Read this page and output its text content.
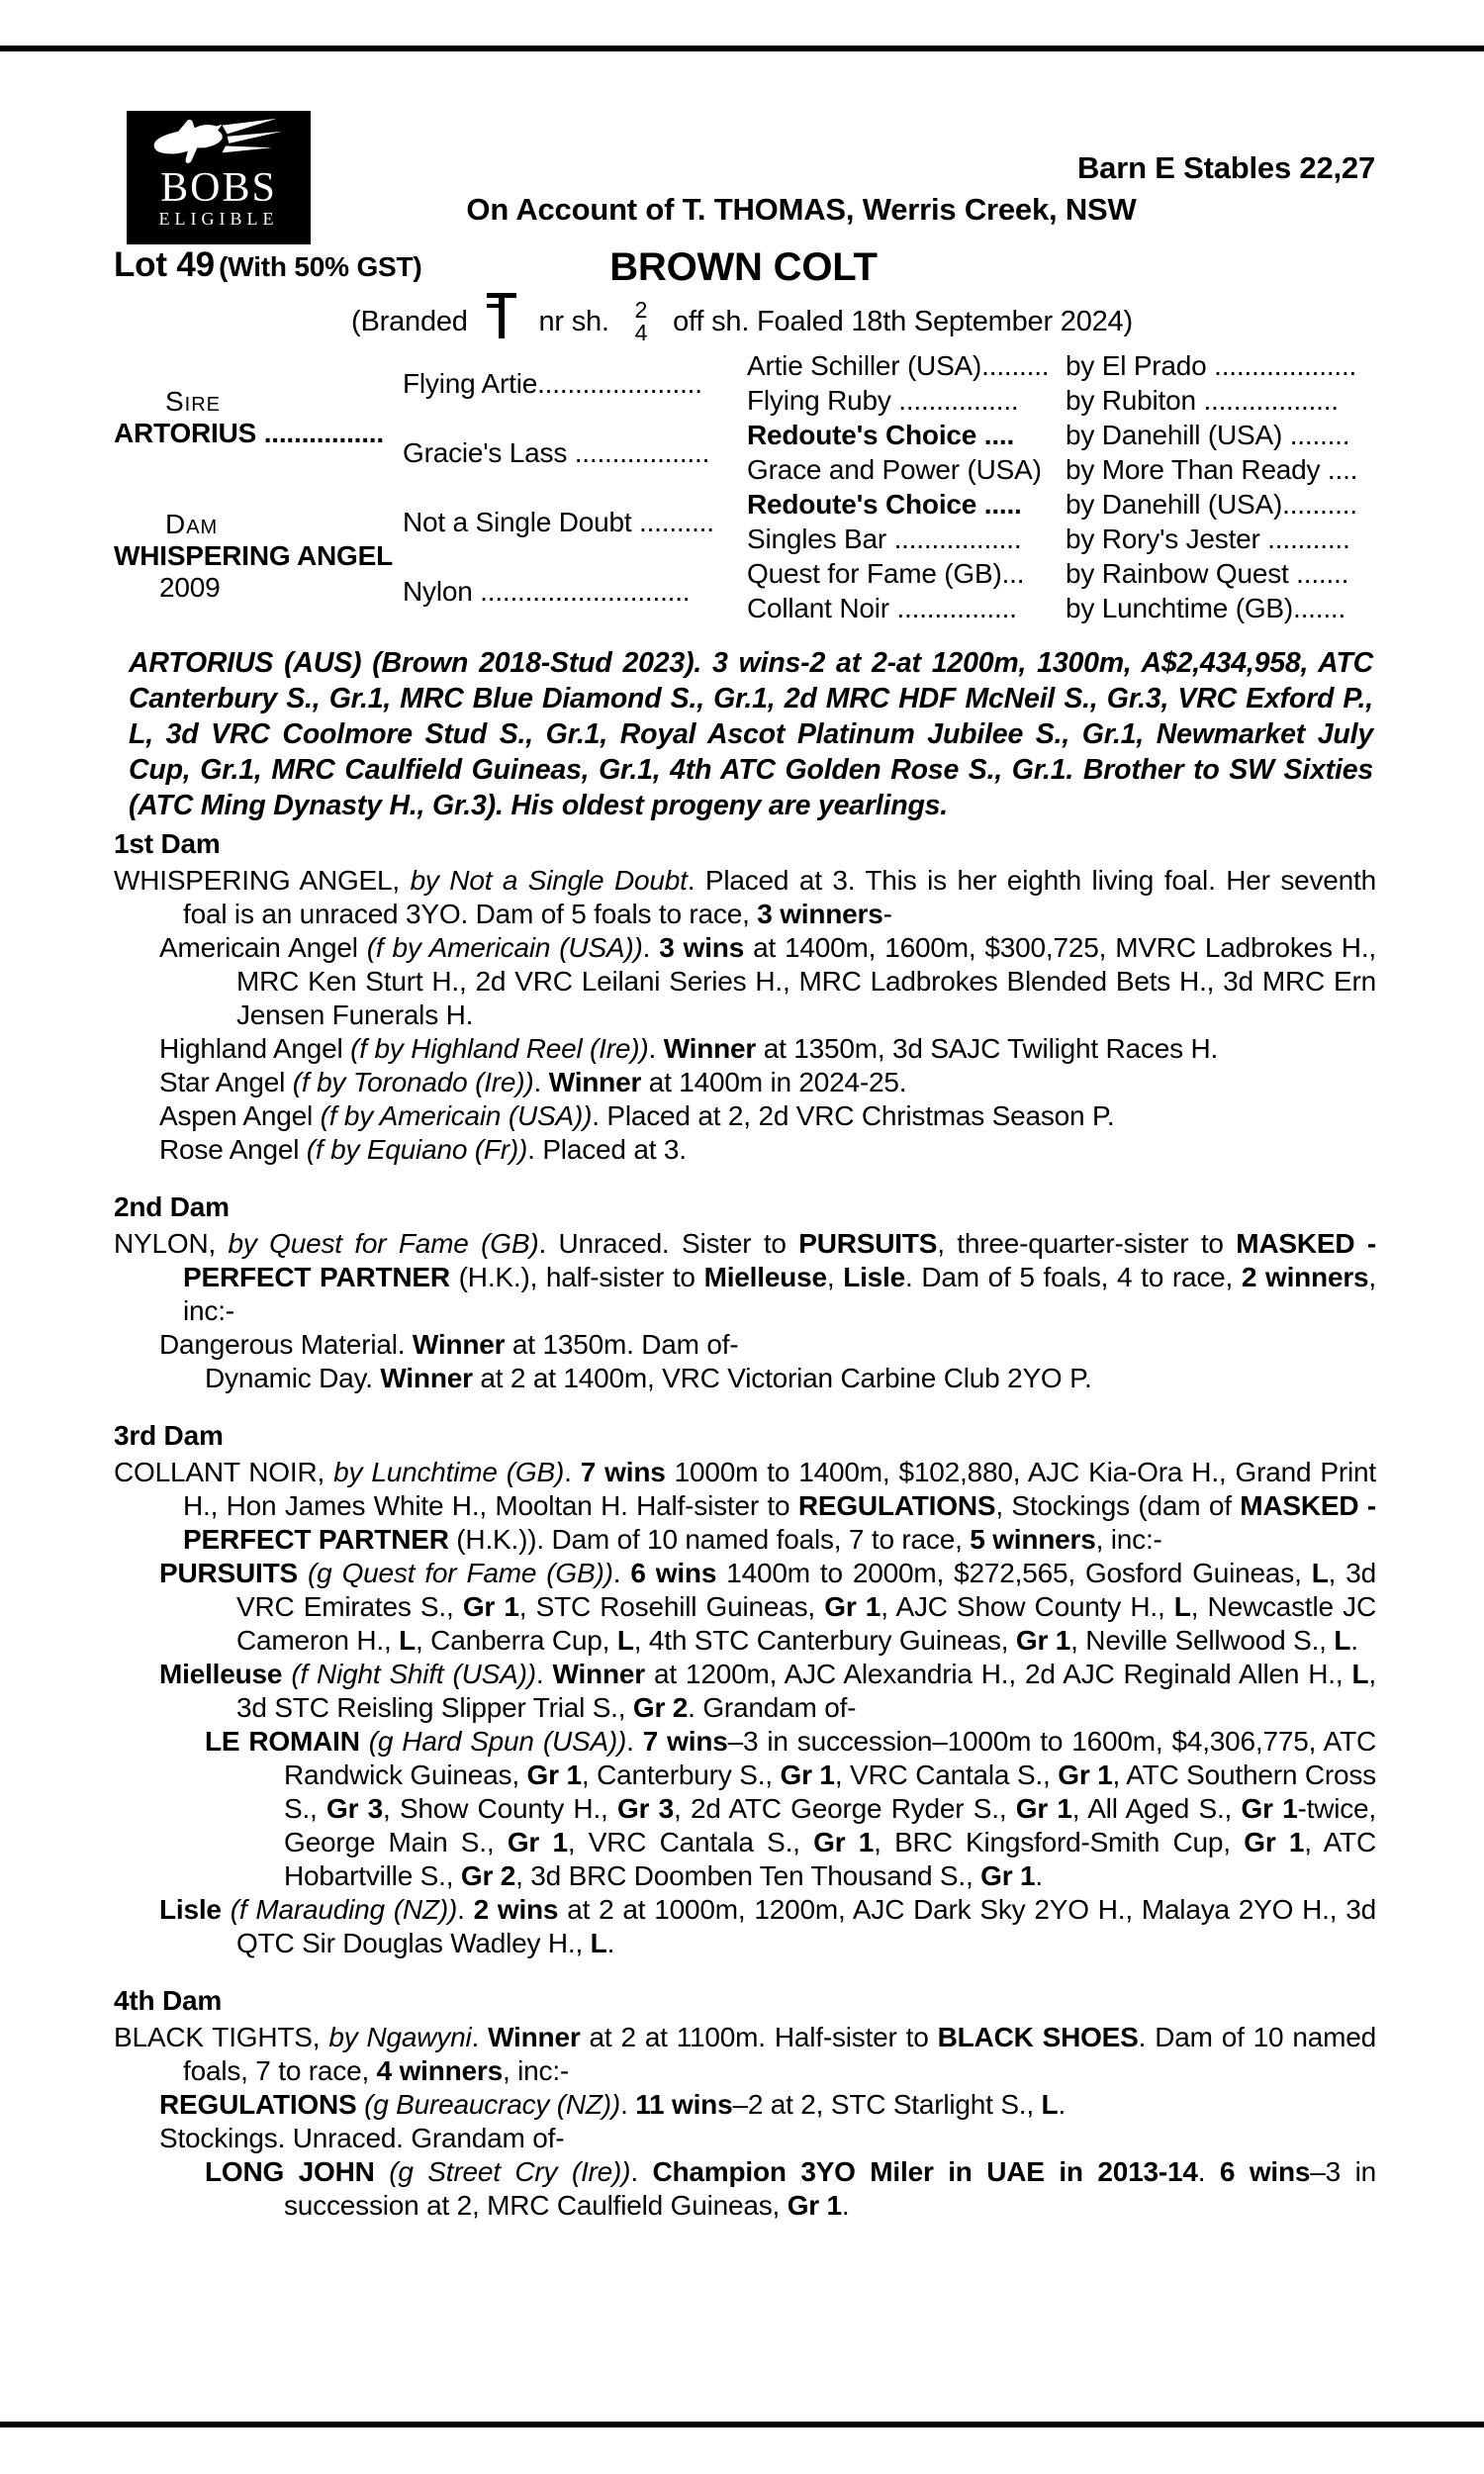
BOBS
ELIGIBLE
Barn E Stables 22,27
On Account of T. THOMAS, Werris Creek, NSW
Lot 49 (With 50% GST)	BROWN COLT
(Branded nr sh. 2
4 off sh. Foaled 18th September 2024)
Sire
ARTORIUS ................
Dam
WHISPERING ANGEL
2009
Flying Artie......................
Gracie's Lass ..................
Not a Single Doubt ..........
Nylon ............................
Artie Schiller (USA)......... by El Prado ...................
Flying Ruby ................	by Rubiton ..................
Redoute's Choice ....	by Danehill (USA) ........
Grace and Power (USA) by More Than Ready ....
Redoute's Choice .....	by Danehill (USA)..........
Singles Bar .................	by Rory's Jester ...........
Quest for Fame (GB)...	by Rainbow Quest .......
Collant Noir ................	by Lunchtime (GB).......
ARTORIUS (AUS) (Brown 2018-Stud 2023). 3 wins-2 at 2-at 1200m, 1300m, A$2,434,958, ATC Canterbury S., Gr.1, MRC Blue Diamond S., Gr.1, 2d MRC HDF McNeil S., Gr.3, VRC Exford P., L, 3d VRC Coolmore Stud S., Gr.1, Royal Ascot Platinum Jubilee S., Gr.1, Newmarket July Cup, Gr.1, MRC Caulfield Guineas, Gr.1, 4th ATC Golden Rose S., Gr.1. Brother to SW Sixties (ATC Ming Dynasty H., Gr.3). His oldest progeny are yearlings.
1st Dam
WHISPERING ANGEL, by Not a Single Doubt. Placed at 3. This is her eighth living foal. Her seventh foal is an unraced 3YO. Dam of 5 foals to race, 3 winners-
Americain Angel (f by Americain (USA)). 3 wins at 1400m, 1600m, $300,725, MVRC Ladbrokes H., MRC Ken Sturt H., 2d VRC Leilani Series H., MRC Ladbrokes Blended Bets H., 3d MRC Ern Jensen Funerals H.
Highland Angel (f by Highland Reel (Ire)). Winner at 1350m, 3d SAJC Twilight Races H.
Star Angel (f by Toronado (Ire)). Winner at 1400m in 2024-25.
Aspen Angel (f by Americain (USA)). Placed at 2, 2d VRC Christmas Season P.
Rose Angel (f by Equiano (Fr)). Placed at 3.
2nd Dam
NYLON, by Quest for Fame (GB). Unraced. Sister to PURSUITS, three-quarter-sister to MASKED - PERFECT PARTNER (H.K.), half-sister to Mielleuse, Lisle. Dam of 5 foals, 4 to race, 2 winners, inc:-
Dangerous Material. Winner at 1350m. Dam of-
Dynamic Day. Winner at 2 at 1400m, VRC Victorian Carbine Club 2YO P.
3rd Dam
COLLANT NOIR, by Lunchtime (GB). 7 wins 1000m to 1400m, $102,880, AJC Kia-Ora H., Grand Print H., Hon James White H., Mooltan H. Half-sister to REGULATIONS, Stockings (dam of MASKED - PERFECT PARTNER (H.K.)). Dam of 10 named foals, 7 to race, 5 winners, inc:-
PURSUITS (g Quest for Fame (GB)). 6 wins 1400m to 2000m, $272,565, Gosford Guineas, L, 3d VRC Emirates S., Gr 1, STC Rosehill Guineas, Gr 1, AJC Show County H., L, Newcastle JC Cameron H., L, Canberra Cup, L, 4th STC Canterbury Guineas, Gr 1, Neville Sellwood S., L.
Mielleuse (f Night Shift (USA)). Winner at 1200m, AJC Alexandria H., 2d AJC Reginald Allen H., L, 3d STC Reisling Slipper Trial S., Gr 2. Grandam of-
LE ROMAIN (g Hard Spun (USA)). 7 wins–3 in succession–1000m to 1600m, $4,306,775, ATC Randwick Guineas, Gr 1, Canterbury S., Gr 1, VRC Cantala S., Gr 1, ATC Southern Cross S., Gr 3, Show County H., Gr 3, 2d ATC George Ryder S., Gr 1, All Aged S., Gr 1-twice, George Main S., Gr 1, VRC Cantala S., Gr 1, BRC Kingsford-Smith Cup, Gr 1, ATC Hobartville S., Gr 2, 3d BRC Doomben Ten Thousand S., Gr 1.
Lisle (f Marauding (NZ)). 2 wins at 2 at 1000m, 1200m, AJC Dark Sky 2YO H., Malaya 2YO H., 3d QTC Sir Douglas Wadley H., L.
4th Dam
BLACK TIGHTS, by Ngawyni. Winner at 2 at 1100m. Half-sister to BLACK SHOES. Dam of 10 named foals, 7 to race, 4 winners, inc:-
REGULATIONS (g Bureaucracy (NZ)). 11 wins–2 at 2, STC Starlight S., L.
Stockings. Unraced. Grandam of-
LONG JOHN (g Street Cry (Ire)). Champion 3YO Miler in UAE in 2013-14. 6 wins–3 in succession at 2, MRC Caulfield Guineas, Gr 1.
